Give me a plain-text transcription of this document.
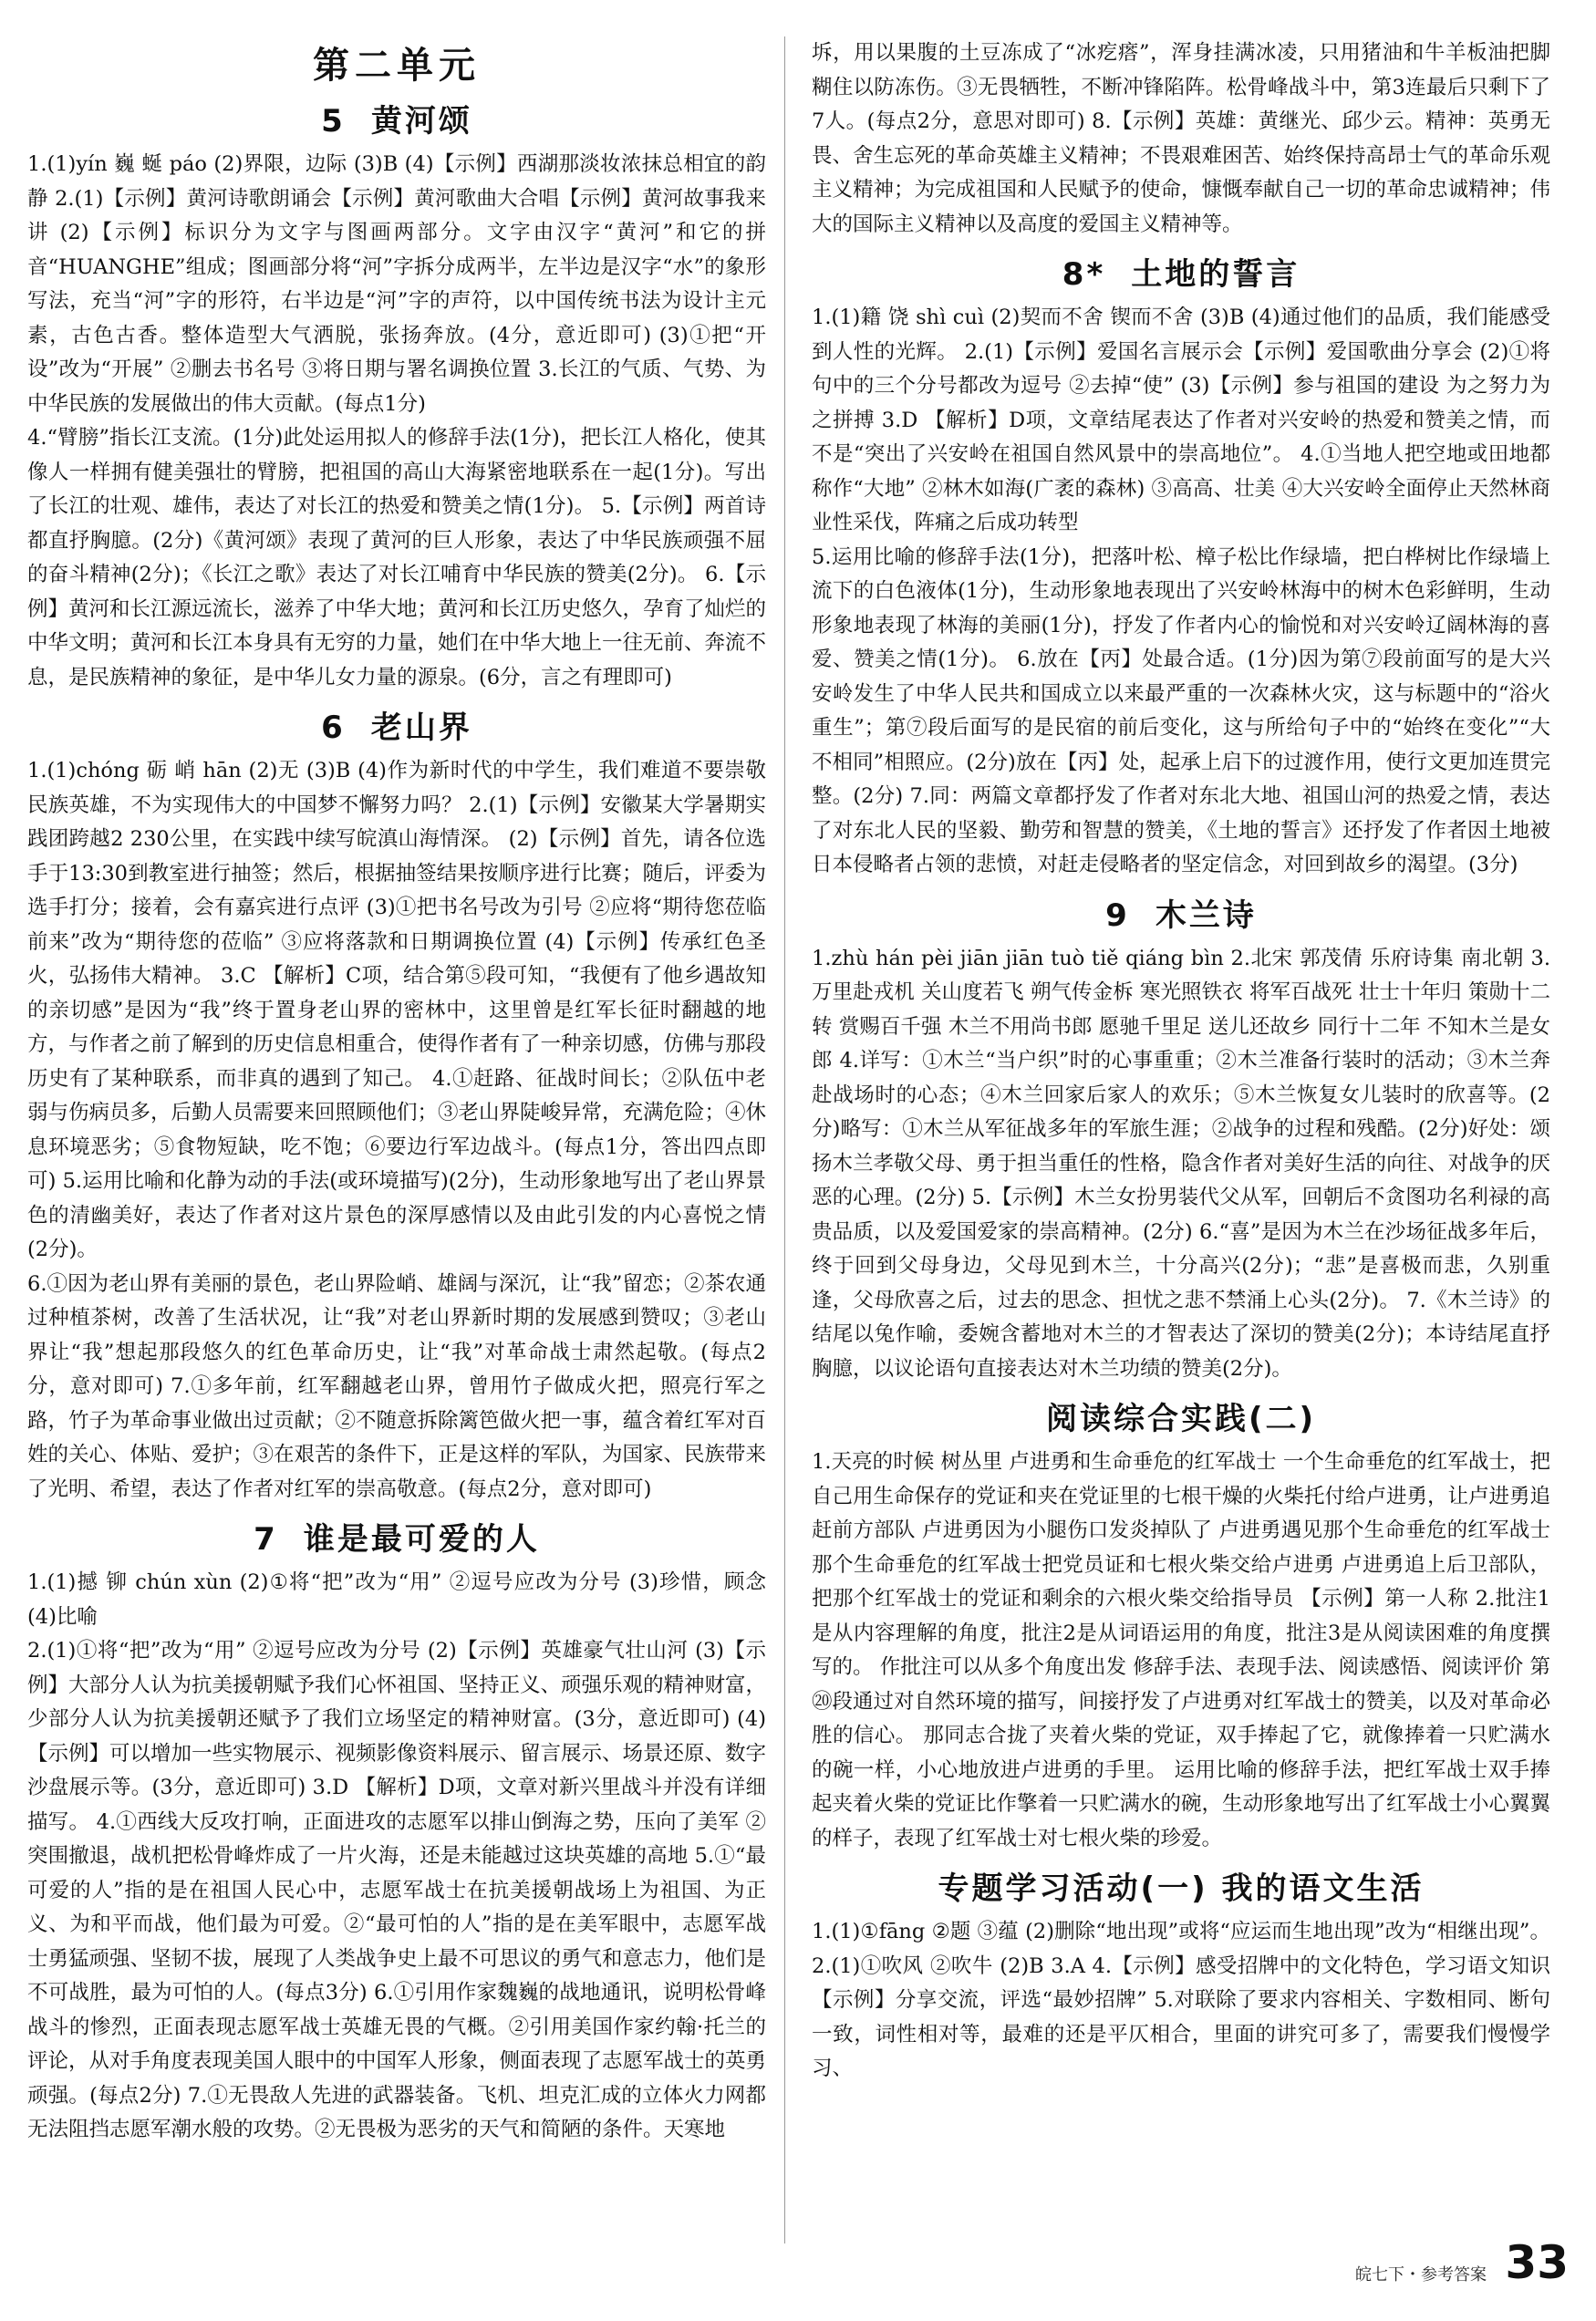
第二单元
5 黄河颂

1.(1)yín 巍 蜒 páo (2)界限，边际 (3)B (4)【示例】西湖那淡妆浓抹总相宜的韵静 2.(1)【示例】黄河诗歌朗诵会【示例】黄河歌曲大合唱【示例】黄河故事我来讲 (2)【示例】标识分为文字与图画两部分。文字由汉字“黄河”和它的拼音“HUANGHE”组成；图画部分将“河”字拆分成两半，左半边是汉字“水”的象形写法，充当“河”字的形符，右半边是“河”字的声符，以中国传统书法为设计主元素，古色古香。整体造型大气洒脱，张扬奔放。(4分，意近即可) (3)①把“开设”改为“开展” ②删去书名号 ③将日期与署名调换位置 3.长江的气质、气势、为中华民族的发展做出的伟大贡献。(每点1分)

4.“臂膀”指长江支流。(1分)此处运用拟人的修辞手法(1分)，把长江人格化，使其像人一样拥有健美强壮的臂膀，把祖国的高山大海紧密地联系在一起(1分)。写出了长江的壮观、雄伟，表达了对长江的热爱和赞美之情(1分)。 5.【示例】两首诗都直抒胸臆。(2分)《黄河颂》表现了黄河的巨人形象，表达了中华民族顽强不屈的奋斗精神(2分)；《长江之歌》表达了对长江哺育中华民族的赞美(2分)。 6.【示例】黄河和长江源远流长，滋养了中华大地；黄河和长江历史悠久，孕育了灿烂的中华文明；黄河和长江本身具有无穷的力量，她们在中华大地上一往无前、奔流不息，是民族精神的象征，是中华儿女力量的源泉。(6分，言之有理即可)

6 老山界

1.(1)chóng 砺 峭 hān (2)无 (3)B (4)作为新时代的中学生，我们难道不要崇敬民族英雄，不为实现伟大的中国梦不懈努力吗？ 2.(1)【示例】安徽某大学暑期实践团跨越2 230公里，在实践中续写皖滇山海情深。 (2)【示例】首先，请各位选手于13:30到教室进行抽签；然后，根据抽签结果按顺序进行比赛；随后，评委为选手打分；接着，会有嘉宾进行点评 (3)①把书名号改为引号 ②应将“期待您莅临前来”改为“期待您的莅临” ③应将落款和日期调换位置 (4)【示例】传承红色圣火，弘扬伟大精神。 3.C 【解析】C项，结合第⑤段可知，“我便有了他乡遇故知的亲切感”是因为“我”终于置身老山界的密林中，这里曾是红军长征时翻越的地方，与作者之前了解到的历史信息相重合，使得作者有了一种亲切感，仿佛与那段历史有了某种联系，而非真的遇到了知己。 4.①赶路、征战时间长；②队伍中老弱与伤病员多，后勤人员需要来回照顾他们；③老山界陡峻异常，充满危险；④休息环境恶劣；⑤食物短缺，吃不饱；⑥要边行军边战斗。(每点1分，答出四点即可) 5.运用比喻和化静为动的手法(或环境描写)(2分)，生动形象地写出了老山界景色的清幽美好，表达了作者对这片景色的深厚感情以及由此引发的内心喜悦之情(2分)。

6.①因为老山界有美丽的景色，老山界险峭、雄阔与深沉，让“我”留恋；②茶农通过种植茶树，改善了生活状况，让“我”对老山界新时期的发展感到赞叹；③老山界让“我”想起那段悠久的红色革命历史，让“我”对革命战士肃然起敬。(每点2分，意对即可) 7.①多年前，红军翻越老山界，曾用竹子做成火把，照亮行军之路，竹子为革命事业做出过贡献；②不随意拆除篱笆做火把一事，蕴含着红军对百姓的关心、体贴、爱护；③在艰苦的条件下，正是这样的军队，为国家、民族带来了光明、希望，表达了作者对红军的崇高敬意。(每点2分，意对即可)

7 谁是最可爱的人

1.(1)撼 铆 chún xùn (2)①将“把”改为“用” ②逗号应改为分号 (3)珍惜，顾念 (4)比喻

2.(1)①将“把”改为“用” ②逗号应改为分号 (2)【示例】英雄豪气壮山河 (3)【示例】大部分人认为抗美援朝赋予我们心怀祖国、坚持正义、顽强乐观的精神财富，少部分人认为抗美援朝还赋予了我们立场坚定的精神财富。(3分，意近即可) (4)【示例】可以增加一些实物展示、视频影像资料展示、留言展示、场景还原、数字沙盘展示等。(3分，意近即可) 3.D 【解析】D项，文章对新兴里战斗并没有详细描写。 4.①西线大反攻打响，正面进攻的志愿军以排山倒海之势，压向了美军 ②突围撤退，战机把松骨峰炸成了一片火海，还是未能越过这块英雄的高地 5.①“最可爱的人”指的是在祖国人民心中，志愿军战士在抗美援朝战场上为祖国、为正义、为和平而战，他们最为可爱。②“最可怕的人”指的是在美军眼中，志愿军战士勇猛顽强、坚韧不拔，展现了人类战争史上最不可思议的勇气和意志力，他们是不可战胜，最为可怕的人。(每点3分) 6.①引用作家魏巍的战地通讯，说明松骨峰战斗的惨烈，正面表现志愿军战士英雄无畏的气概。②引用美国作家约翰·托兰的评论，从对手角度表现美国人眼中的中国军人形象，侧面表现了志愿军战士的英勇顽强。(每点2分) 7.①无畏敌人先进的武器装备。飞机、坦克汇成的立体火力网都无法阻挡志愿军潮水般的攻势。②无畏极为恶劣的天气和简陋的条件。天寒地

坼，用以果腹的土豆冻成了“冰疙瘩”，浑身挂满冰凌，只用猪油和牛羊板油把脚糊住以防冻伤。③无畏牺牲，不断冲锋陷阵。松骨峰战斗中，第3连最后只剩下了7人。(每点2分，意思对即可) 8.【示例】英雄：黄继光、邱少云。精神：英勇无畏、舍生忘死的革命英雄主义精神；不畏艰难困苦、始终保持高昂士气的革命乐观主义精神；为完成祖国和人民赋予的使命，慷慨奉献自己一切的革命忠诚精神；伟大的国际主义精神以及高度的爱国主义精神等。

8* 土地的誓言

1.(1)籍 饶 shì cuì (2)契而不舍 锲而不舍 (3)B (4)通过他们的品质，我们能感受到人性的光辉。 2.(1)【示例】爱国名言展示会【示例】爱国歌曲分享会 (2)①将句中的三个分号都改为逗号 ②去掉“使” (3)【示例】参与祖国的建设 为之努力为之拼搏 3.D 【解析】D项，文章结尾表达了作者对兴安岭的热爱和赞美之情，而不是“突出了兴安岭在祖国自然风景中的崇高地位”。 4.①当地人把空地或田地都称作“大地” ②林木如海(广袤的森林) ③高高、壮美 ④大兴安岭全面停止天然林商业性采伐，阵痛之后成功转型

5.运用比喻的修辞手法(1分)，把落叶松、樟子松比作绿墙，把白桦树比作绿墙上流下的白色液体(1分)，生动形象地表现出了兴安岭林海中的树木色彩鲜明，生动形象地表现了林海的美丽(1分)，抒发了作者内心的愉悦和对兴安岭辽阔林海的喜爱、赞美之情(1分)。 6.放在【丙】处最合适。(1分)因为第⑦段前面写的是大兴安岭发生了中华人民共和国成立以来最严重的一次森林火灾，这与标题中的“浴火重生”；第⑦段后面写的是民宿的前后变化，这与所给句子中的“始终在变化”“大不相同”相照应。(2分)放在【丙】处，起承上启下的过渡作用，使行文更加连贯完整。(2分) 7.同：两篇文章都抒发了作者对东北大地、祖国山河的热爱之情，表达了对东北人民的坚毅、勤劳和智慧的赞美，《土地的誓言》还抒发了作者因土地被日本侵略者占领的悲愤，对赶走侵略者的坚定信念，对回到故乡的渴望。(3分)

9 木兰诗

1.zhù hán pèi jiān jiān tuò tiě qiáng bìn 2.北宋 郭茂倩 乐府诗集 南北朝 3.万里赴戎机 关山度若飞 朔气传金柝 寒光照铁衣 将军百战死 壮士十年归 策勋十二转 赏赐百千强 木兰不用尚书郎 愿驰千里足 送儿还故乡 同行十二年 不知木兰是女郎 4.详写：①木兰“当户织”时的心事重重；②木兰准备行装时的活动；③木兰奔赴战场时的心态；④木兰回家后家人的欢乐；⑤木兰恢复女儿装时的欣喜等。(2分)略写：①木兰从军征战多年的军旅生涯；②战争的过程和残酷。(2分)好处：颂扬木兰孝敬父母、勇于担当重任的性格，隐含作者对美好生活的向往、对战争的厌恶的心理。(2分) 5.【示例】木兰女扮男装代父从军，回朝后不贪图功名利禄的高贵品质，以及爱国爱家的崇高精神。(2分) 6.“喜”是因为木兰在沙场征战多年后，终于回到父母身边，父母见到木兰，十分高兴(2分)；“悲”是喜极而悲，久别重逢，父母欣喜之后，过去的思念、担忧之悲不禁涌上心头(2分)。 7.《木兰诗》的结尾以兔作喻，委婉含蓄地对木兰的才智表达了深切的赞美(2分)；本诗结尾直抒胸臆，以议论语句直接表达对木兰功绩的赞美(2分)。

阅读综合实践(二)

1.天亮的时候 树丛里 卢进勇和生命垂危的红军战士 一个生命垂危的红军战士，把自己用生命保存的党证和夹在党证里的七根干燥的火柴托付给卢进勇，让卢进勇追赶前方部队 卢进勇因为小腿伤口发炎掉队了 卢进勇遇见那个生命垂危的红军战士 那个生命垂危的红军战士把党员证和七根火柴交给卢进勇 卢进勇追上后卫部队，把那个红军战士的党证和剩余的六根火柴交给指导员 【示例】第一人称 2.批注1是从内容理解的角度，批注2是从词语运用的角度，批注3是从阅读困难的角度撰写的。 作批注可以从多个角度出发 修辞手法、表现手法、阅读感悟、阅读评价 第⑳段通过对自然环境的描写，间接抒发了卢进勇对红军战士的赞美，以及对革命必胜的信心。 那同志合拢了夹着火柴的党证，双手捧起了它，就像捧着一只贮满水的碗一样，小心地放进卢进勇的手里。 运用比喻的修辞手法，把红军战士双手捧起夹着火柴的党证比作擎着一只贮满水的碗，生动形象地写出了红军战士小心翼翼的样子，表现了红军战士对七根火柴的珍爱。

专题学习活动(一) 我的语文生活

1.(1)①fāng ②题 ③蕴 (2)删除“地出现”或将“应运而生地出现”改为“相继出现”。 2.(1)①吹风 ②吹牛 (2)B 3.A 4.【示例】感受招牌中的文化特色，学习语文知识 【示例】分享交流，评选“最妙招牌” 5.对联除了要求内容相关、字数相同、断句一致，词性相对等，最难的还是平仄相合，里面的讲究可多了，需要我们慢慢学习、

皖七下・参考答案 33
